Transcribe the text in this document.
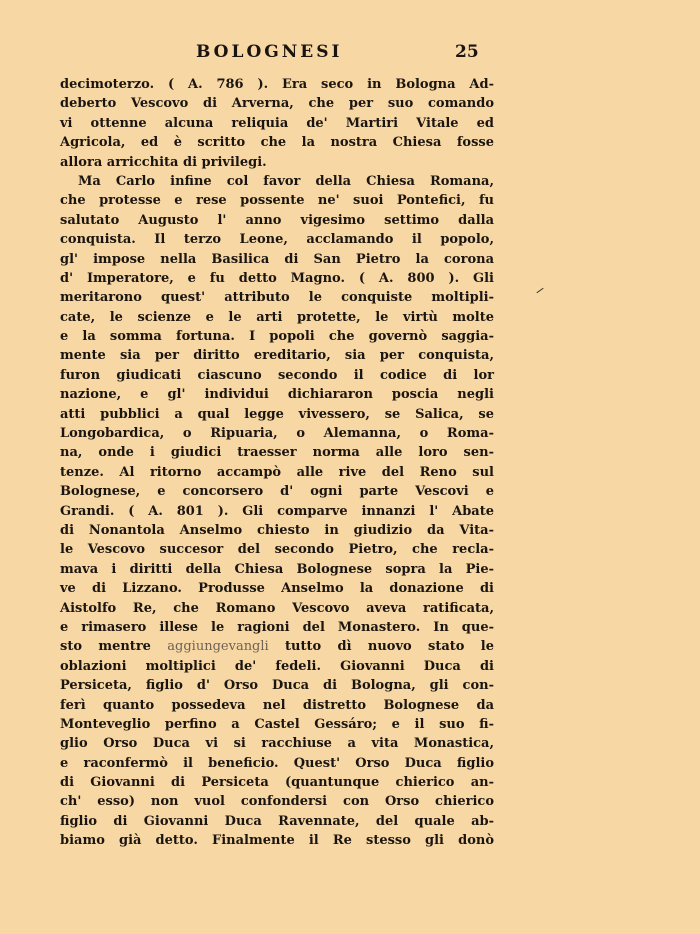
BOLOGNESI	25
decimoterzo. ( A. 786 ). Era seco in Bologna Ad-
deberto Vescovo di Arverna, che per suo comando
vi ottenne alcuna reliquia de' Martiri Vitale ed
Agricola, ed è scritto che la nostra Chiesa fosse
allora arricchita di privilegi.
Ma Carlo infine col favor della Chiesa Romana,
che protesse e rese possente ne' suoi Pontefici, fu
salutato Augusto l' anno vigesimo settimo dalla
conquista. Il terzo Leone, acclamando il popolo,
gl' impose nella Basilica di San Pietro la corona
d' Imperatore, e fu detto Magno. ( A. 800 ). Gli
meritarono quest' attributo le conquiste moltipli-
cate, le scienze e le arti protette, le virtù molte
e la somma fortuna. I popoli che governò saggia-
mente sia per diritto ereditario, sia per conquista,
furon giudicati ciascuno secondo il codice di lor
nazione, e gl' individui dichiararon poscia negli
atti pubblici a qual legge vivessero, se Salica, se
Longobardica, o Ripuaria, o Alemanna, o Roma-
na, onde i giudici traesser norma alle loro sen-
tenze. Al ritorno accampò alle rive del Reno sul
Bolognese, e concorsero d' ogni parte Vescovi e
Grandi. ( A. 801 ). Gli comparve innanzi l' Abate
di Nonantola Anselmo chiesto in giudizio da Vita-
le Vescovo succesor del secondo Pietro, che recla-
mava i diritti della Chiesa Bolognese sopra la Pie-
ve di Lizzano. Produsse Anselmo la donazione di
Aistolfo Re, che Romano Vescovo aveva ratificata,
e rimasero illese le ragioni del Monastero. In que-
sto mentre aggiungevangli tutto dì nuovo stato le
oblazioni moltiplici de' fedeli. Giovanni Duca di
Persiceta, figlio d' Orso Duca di Bologna, gli con-
ferì quanto possedeva nel distretto Bolognese da
Monteveglio perfino a Castel Gessáro; e il suo fi-
glio Orso Duca vi si racchiuse a vita Monastica,
e raconfermò il beneficio. Quest' Orso Duca figlio
di Giovanni di Persiceta (quantunque chierico an-
ch' esso) non vuol confondersi con Orso chierico
figlio di Giovanni Duca Ravennate, del quale ab-
biamo già detto. Finalmente il Re stesso gli donò
